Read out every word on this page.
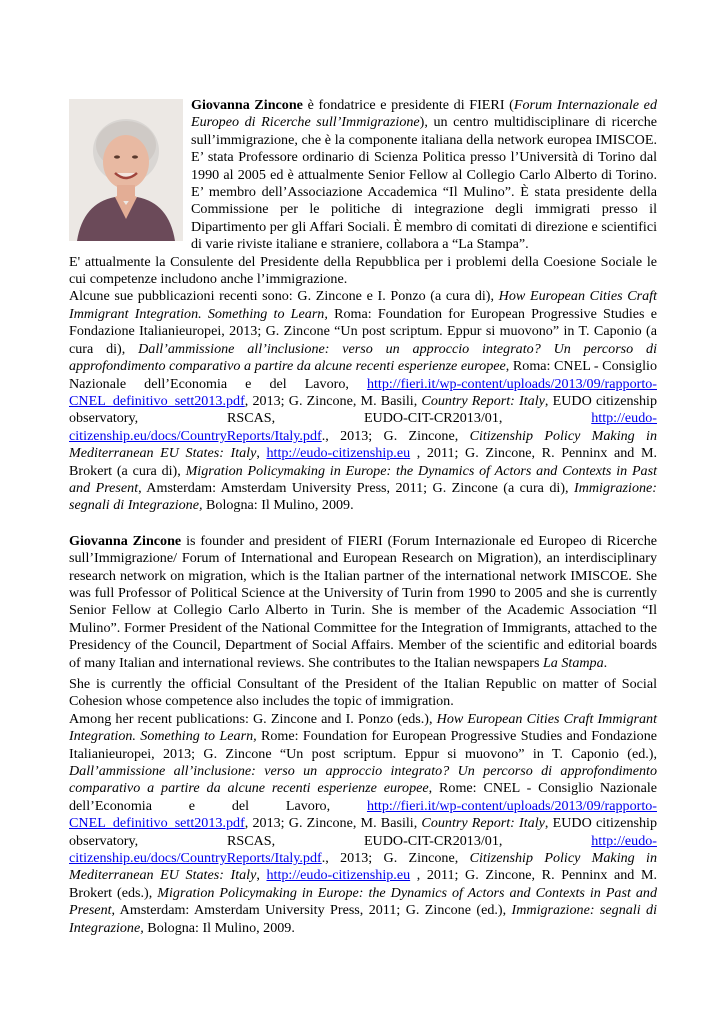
Giovanna Zincone è fondatrice e presidente di FIERI (Forum Internazionale ed Europeo di Ricerche sull’Immigrazione), un centro multidisciplinare di ricerche sull’immigrazione, che è la componente italiana della network europea IMISCOE. E’ stata Professore ordinario di Scienza Politica presso l’Università di Torino dal 1990 al 2005 ed è attualmente Senior Fellow al Collegio Carlo Alberto di Torino. E’ membro dell’Associazione Accademica “Il Mulino”. È stata presidente della Commissione per le politiche di integrazione degli immigrati presso il Dipartimento per gli Affari Sociali. È membro di comitati di direzione e scientifici di varie riviste italiane e straniere, collabora a “La Stampa”.

E' attualmente la Consulente del Presidente della Repubblica per i problemi della Coesione Sociale le cui competenze includono anche l’immigrazione.

Alcune sue pubblicazioni recenti sono: G. Zincone e I. Ponzo (a cura di), How European Cities Craft Immigrant Integration. Something to Learn, Roma: Foundation for European Progressive Studies e Fondazione Italianieuropei, 2013; G. Zincone “Un post scriptum. Eppur si muovono” in T. Caponio (a cura di), Dall’ammissione all’inclusione: verso un approccio integrato? Un percorso di approfondimento comparativo a partire da alcune recenti esperienze europee, Roma: CNEL - Consiglio Nazionale dell’Economia e del Lavoro, http://fieri.it/wp-content/uploads/2013/09/rapporto-CNEL_definitivo_sett2013.pdf, 2013; G. Zincone, M. Basili, Country Report: Italy, EUDO citizenship observatory, RSCAS, EUDO-CIT-CR2013/01, http://eudo-citizenship.eu/docs/CountryReports/Italy.pdf., 2013; G. Zincone, Citizenship Policy Making in Mediterranean EU States: Italy, http://eudo-citizenship.eu , 2011; G. Zincone, R. Penninx and M. Brokert (a cura di), Migration Policymaking in Europe: the Dynamics of Actors and Contexts in Past and Present, Amsterdam: Amsterdam University Press, 2011; G. Zincone (a cura di), Immigrazione: segnali di Integrazione, Bologna: Il Mulino, 2009.

Giovanna Zincone is founder and president of FIERI (Forum Internazionale ed Europeo di Ricerche sull’Immigrazione/ Forum of International and European Research on Migration), an interdisciplinary research network on migration, which is the Italian partner of the international network IMISCOE. She was full Professor of Political Science at the University of Turin from 1990 to 2005 and she is currently Senior Fellow at Collegio Carlo Alberto in Turin. She is member of the Academic Association “Il Mulino”. Former President of the National Committee for the Integration of Immigrants, attached to the Presidency of the Council, Department of Social Affairs. Member of the scientific and editorial boards of many Italian and international reviews. She contributes to the Italian newspapers La Stampa.

She is currently the official Consultant of the President of the Italian Republic on matter of Social Cohesion whose competence also includes the topic of immigration.

Among her recent publications: G. Zincone and I. Ponzo (eds.), How European Cities Craft Immigrant Integration. Something to Learn, Rome: Foundation for European Progressive Studies and Fondazione Italianieuropei, 2013; G. Zincone “Un post scriptum. Eppur si muovono” in T. Caponio (ed.), Dall’ammissione all’inclusione: verso un approccio integrato? Un percorso di approfondimento comparativo a partire da alcune recenti esperienze europee, Rome: CNEL - Consiglio Nazionale dell’Economia e del Lavoro, http://fieri.it/wp-content/uploads/2013/09/rapporto-CNEL_definitivo_sett2013.pdf, 2013; G. Zincone, M. Basili, Country Report: Italy, EUDO citizenship observatory, RSCAS, EUDO-CIT-CR2013/01, http://eudo-citizenship.eu/docs/CountryReports/Italy.pdf., 2013; G. Zincone, Citizenship Policy Making in Mediterranean EU States: Italy, http://eudo-citizenship.eu , 2011; G. Zincone, R. Penninx and M. Brokert (eds.), Migration Policymaking in Europe: the Dynamics of Actors and Contexts in Past and Present, Amsterdam: Amsterdam University Press, 2011; G. Zincone (ed.), Immigrazione: segnali di Integrazione, Bologna: Il Mulino, 2009.
